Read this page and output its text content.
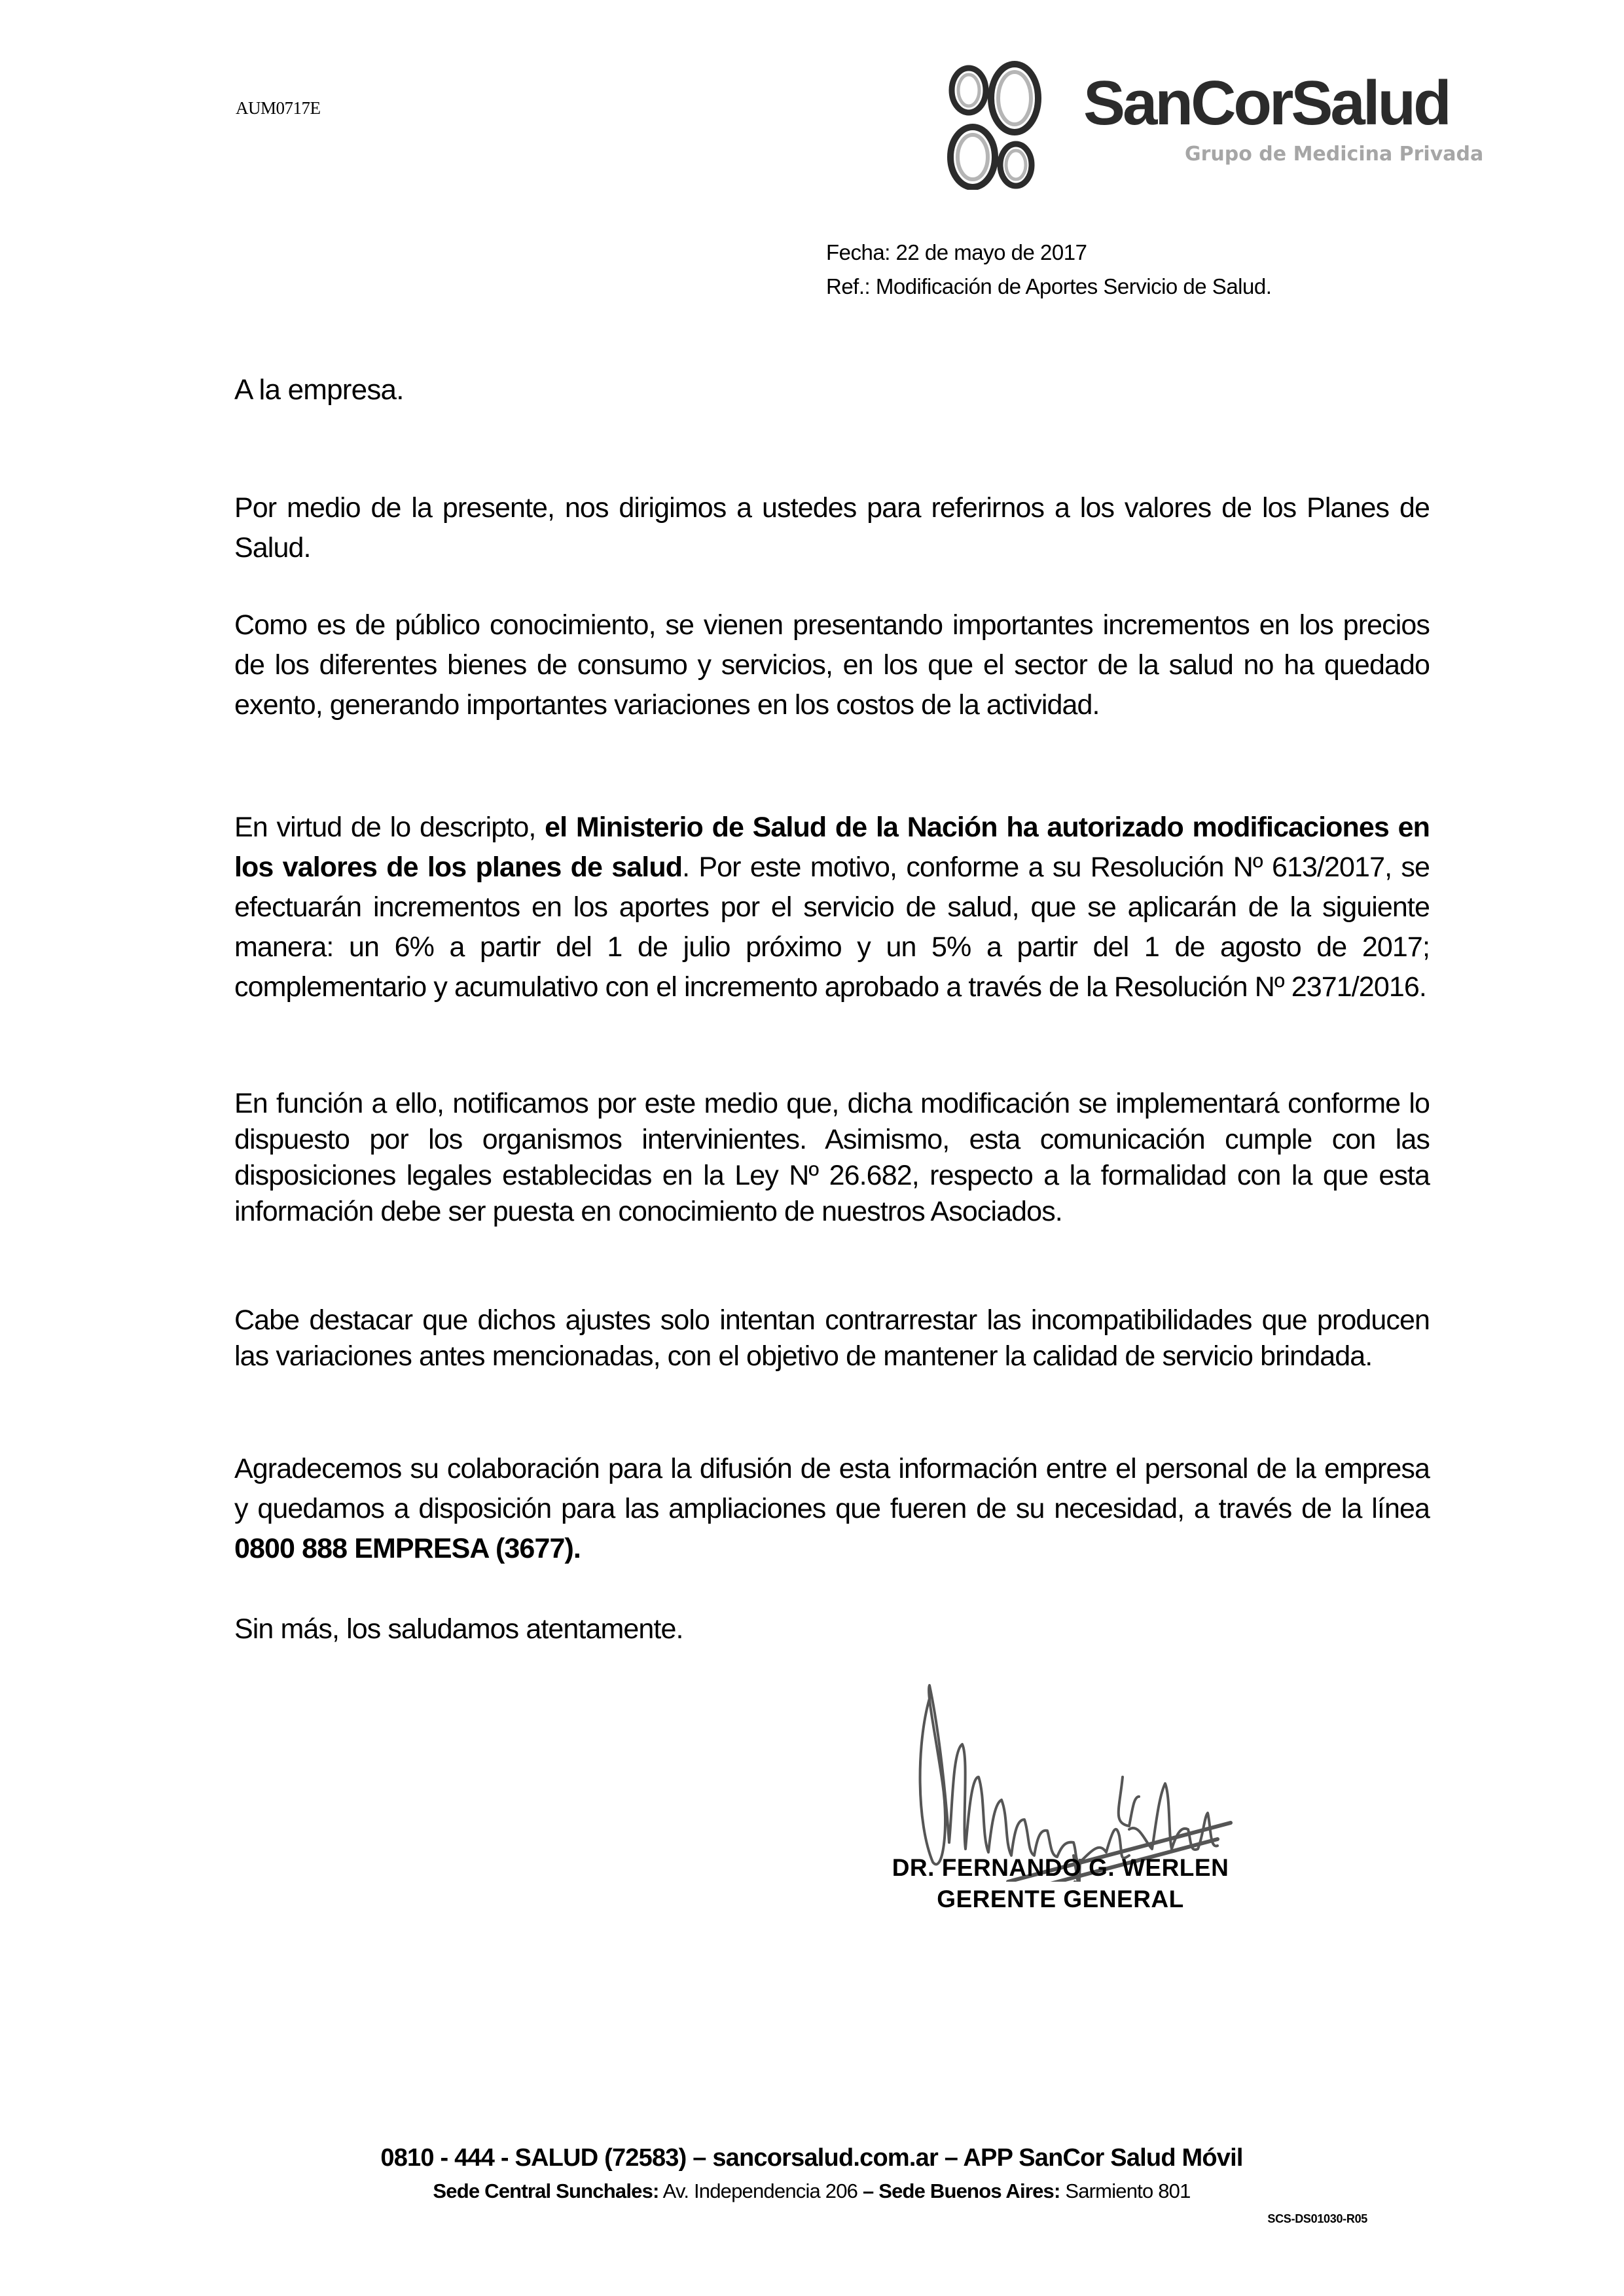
AUM0717E	SanCorSalud
Grupo de Medicina Privada
Fecha: 22 de mayo de 2017
Ref.: Modificación de Aportes Servicio de Salud.
A la empresa.

Por medio de la presente, nos dirigimos a ustedes para referirnos a los valores de los Planes de Salud.

Como es de público conocimiento, se vienen presentando importantes incrementos en los precios de los diferentes bienes de consumo y servicios, en los que el sector de la salud no ha quedado exento, generando importantes variaciones en los costos de la actividad.

En virtud de lo descripto, el Ministerio de Salud de la Nación ha autorizado modificaciones en los valores de los planes de salud. Por este motivo, conforme a su Resolución Nº 613/2017, se efectuarán incrementos en los aportes por el servicio de salud, que se aplicarán de la siguiente manera: un 6% a partir del 1 de julio próximo y un 5% a partir del 1 de agosto de 2017; complementario y acumulativo con el incremento aprobado a través de la Resolución Nº 2371/2016.

En función a ello, notificamos por este medio que, dicha modificación se implementará conforme lo dispuesto por los organismos intervinientes. Asimismo, esta comunicación cumple con las disposiciones legales establecidas en la Ley Nº 26.682, respecto a la formalidad con la que esta información debe ser puesta en conocimiento de nuestros Asociados.

Cabe destacar que dichos ajustes solo intentan contrarrestar las incompatibilidades que producen las variaciones antes mencionadas, con el objetivo de mantener la calidad de servicio brindada.

Agradecemos su colaboración para la difusión de esta información entre el personal de la empresa y quedamos a disposición para las ampliaciones que fueren de su necesidad, a través de la línea 0800 888 EMPRESA (3677).

Sin más, los saludamos atentamente.
DR. FERNANDO G. WERLEN
GERENTE GENERAL
0810 - 444 - SALUD (72583) – sancorsalud.com.ar – APP SanCor Salud Móvil
Sede Central Sunchales: Av. Independencia 206 – Sede Buenos Aires: Sarmiento 801
SCS-DS01030-R05
